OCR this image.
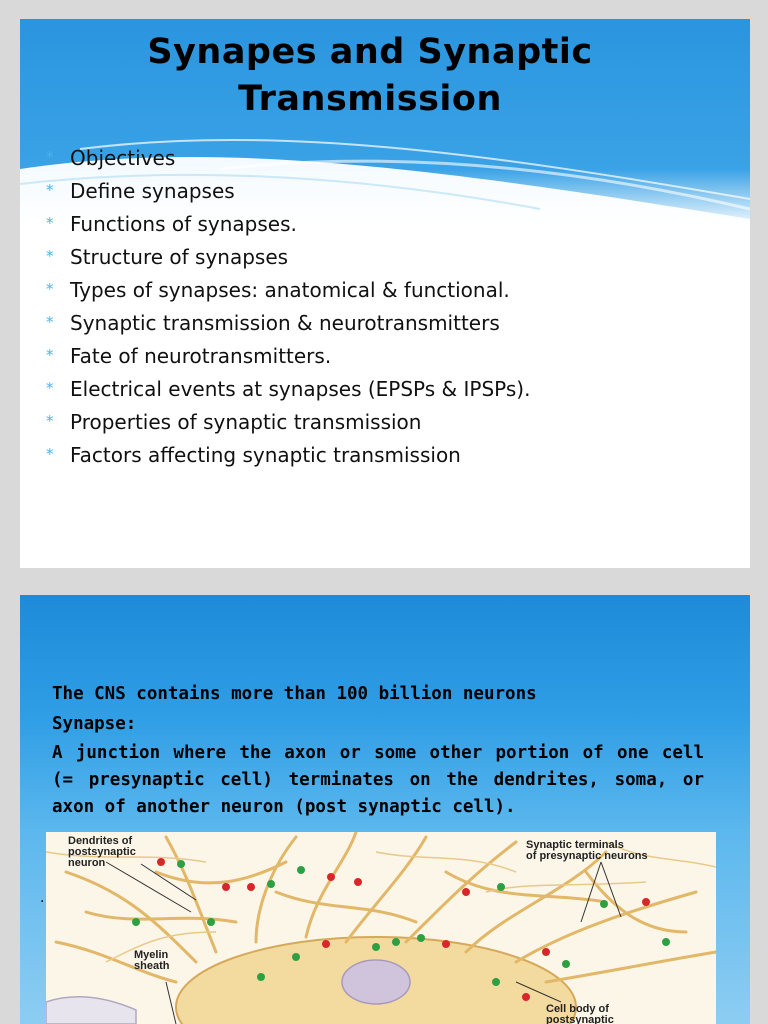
Synapes and Synaptic Transmission
* Objectives
* Define synapses
* Functions of synapses.
* Structure of synapses
* Types of synapses: anatomical & functional.
* Synaptic transmission & neurotransmitters
* Fate of neurotransmitters.
* Electrical events at synapses (EPSPs & IPSPs).
* Properties of synaptic transmission
* Factors affecting synaptic transmission

The CNS contains more than 100 billion neurons

Synapse:

A junction where the axon or some other portion of one cell (= presynaptic cell) terminates on the dendrites, soma, or axon of another neuron (post synaptic cell).

.
Dendrites of
postsynaptic
neuron
Synaptic terminals
of presynaptic neurons
Myelin
sheath
Cell body of
postsynaptic
